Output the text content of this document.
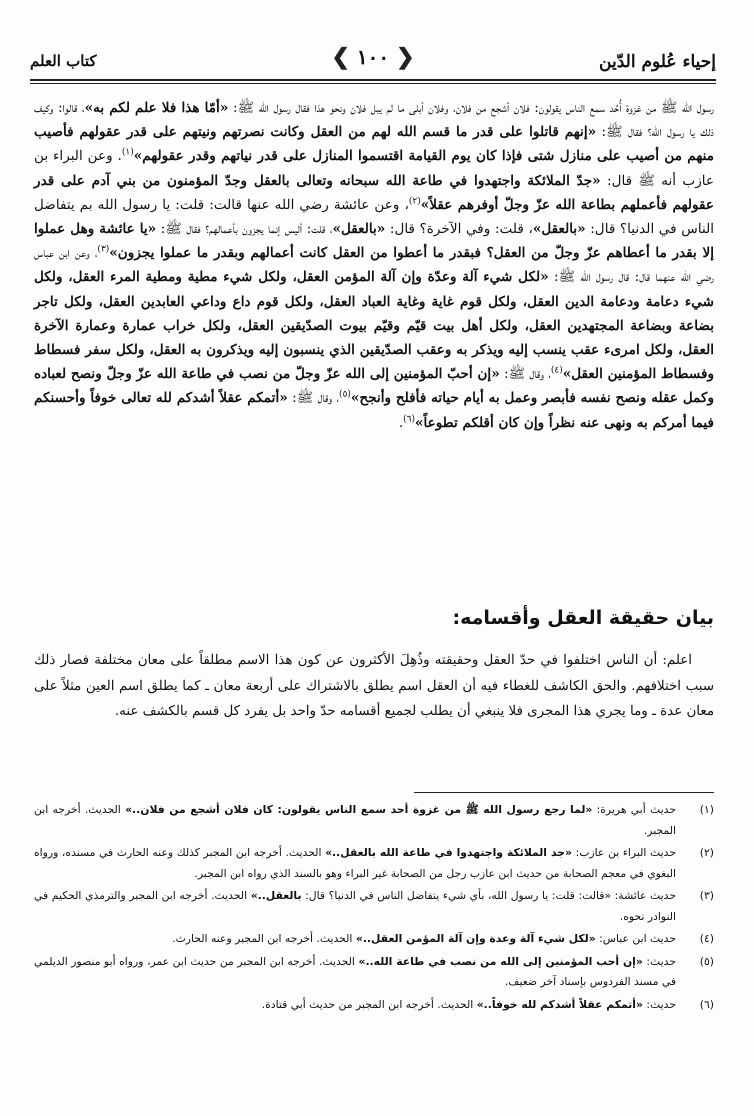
إحياء عُلوم الدّين
❮ ١٠٠ ❯
كتاب العلم

رسول الله ﷺ من غزوة أُحُد سمع الناس يقولون: فلان أشجع من فلان، وفلان أبلى ما لم يبل فلان ونحو هذا فقال رسول الله ﷺ: «أمّا هذا فلا علم لكم به»، قالوا: وكيف ذلك يا رسول الله؟ فقال ﷺ: «إنهم قاتلوا على قدر ما قسم الله لهم من العقل وكانت نصرتهم ونيتهم على قدر عقولهم فأصيب منهم من أصيب على منازل شتى فإذا كان يوم القيامة اقتسموا المنازل على قدر نياتهم وقدر عقولهم»$^{(١)}$. وعن البراء بن عازب أنه ﷺ قال: «جدّ الملائكة واجتهدوا في طاعة الله سبحانه وتعالى بالعقل وجدّ المؤمنون من بني آدم على قدر عقولهم فأعملهم بطاعة الله عزّ وجلّ أوفرهم عقلاً»$^{(٢)}$، وعن عائشة رضي الله عنها قالت: قلت: يا رسول الله بم يتفاضل الناس في الدنيا؟ قال: «بالعقل»، قلت: وفي الآخرة؟ قال: «بالعقل»، قلت: أليس إنما يجزون بأعمالهم؟ فقال ﷺ: «يا عائشة وهل عملوا إلا بقدر ما أعطاهم عزّ وجلّ من العقل؟ فبقدر ما أعطوا من العقل كانت أعمالهم وبقدر ما عملوا يجزون»$^{(٣)}$، وعن ابن عباس رضي الله عنهما قال: قال رسول الله ﷺ: «لكل شيء آلة وعدّة وإن آلة المؤمن العقل، ولكل شيء مطية ومطية المرء العقل، ولكل شيء دعامة ودعامة الدين العقل، ولكل قوم غاية وغاية العباد العقل، ولكل قوم داع وداعي العابدين العقل، ولكل تاجر بضاعة وبضاعة المجتهدين العقل، ولكل أهل بيت قيّم وقيّم بيوت الصدّيقين العقل، ولكل خراب عمارة وعمارة الآخرة العقل، ولكل امرىء عقب ينسب إليه ويذكر به وعقب الصدّيقين الذي ينسبون إليه ويذكرون به العقل، ولكل سفر فسطاط وفسطاط المؤمنين العقل»$^{(٤)}$، وقال ﷺ: «إن أحبّ المؤمنين إلى الله عزّ وجلّ من نصب في طاعة الله عزّ وجلّ ونصح لعباده وكمل عقله ونصح نفسه فأبصر وعمل به أيام حياته فأفلح وأنجح»$^{(٥)}$، وقال ﷺ: «أتمكم عقلاً أشدكم لله تعالى خوفاً وأحسنكم فيما أمركم به ونهى عنه نظراً وإن كان أقلكم تطوعاً»$^{(٦)}$.

بيان حقيقة العقل وأقسامه:

اعلم: أن الناس اختلفوا في حدّ العقل وحقيقته وذُهِلَ الأكثرون عن كون هذا الاسم مطلقاً على معان مختلفة فصار ذلك سبب اختلافهم. والحق الكاشف للغطاء فيه أن العقل اسم يطلق بالاشتراك على أربعة معان ـ كما يطلق اسم العين مثلاً على معان عدة ـ وما يجري هذا المجرى فلا ينبغي أن يطلب لجميع أقسامه حدّ واحد بل يفرد كل قسم بالكشف عنه.

(١)
حديث أبي هريرة: «لما رجع رسول الله ﷺ من غزوة أحد سمع الناس يقولون: كان فلان أشجع من فلان..» الحديث. أخرجه ابن المجبر.
(٢)
حديث البراء بن عازب: «جد الملائكة واجتهدوا في طاعة الله بالعقل..» الحديث. أخرجه ابن المجبر كذلك وعنه الحارث في مسنده، ورواه البغوي في معجم الصحابة من حديث ابن عازب رجل من الصحابة غير البراء وهو بالسند الذي رواه ابن المجبر.
(٣)
حديث عائشة: «قالت: قلت: يا رسول الله، بأي شيء يتفاضل الناس في الدنيا؟ قال: بالعقل..» الحديث. أخرجه ابن المجبر والترمذي الحكيم في النوادر نحوه.
(٤)
حديث ابن عباس: «لكل شيء آلة وعدة وإن آلة المؤمن العقل..» الحديث. أخرجه ابن المجبر وعنه الحارث.
(٥)
حديث: «إن أحب المؤمنين إلى الله من نصب في طاعة الله..» الحديث. أخرجه ابن المجبر من حديث ابن عمر، ورواه أبو منصور الديلمي في مسند الفردوس بإسناد آخر ضعيف.
(٦)
حديث: «أتمكم عقلاً أشدكم لله خوفاً..» الحديث. أخرجه ابن المجبر من حديث أبي قتادة.
